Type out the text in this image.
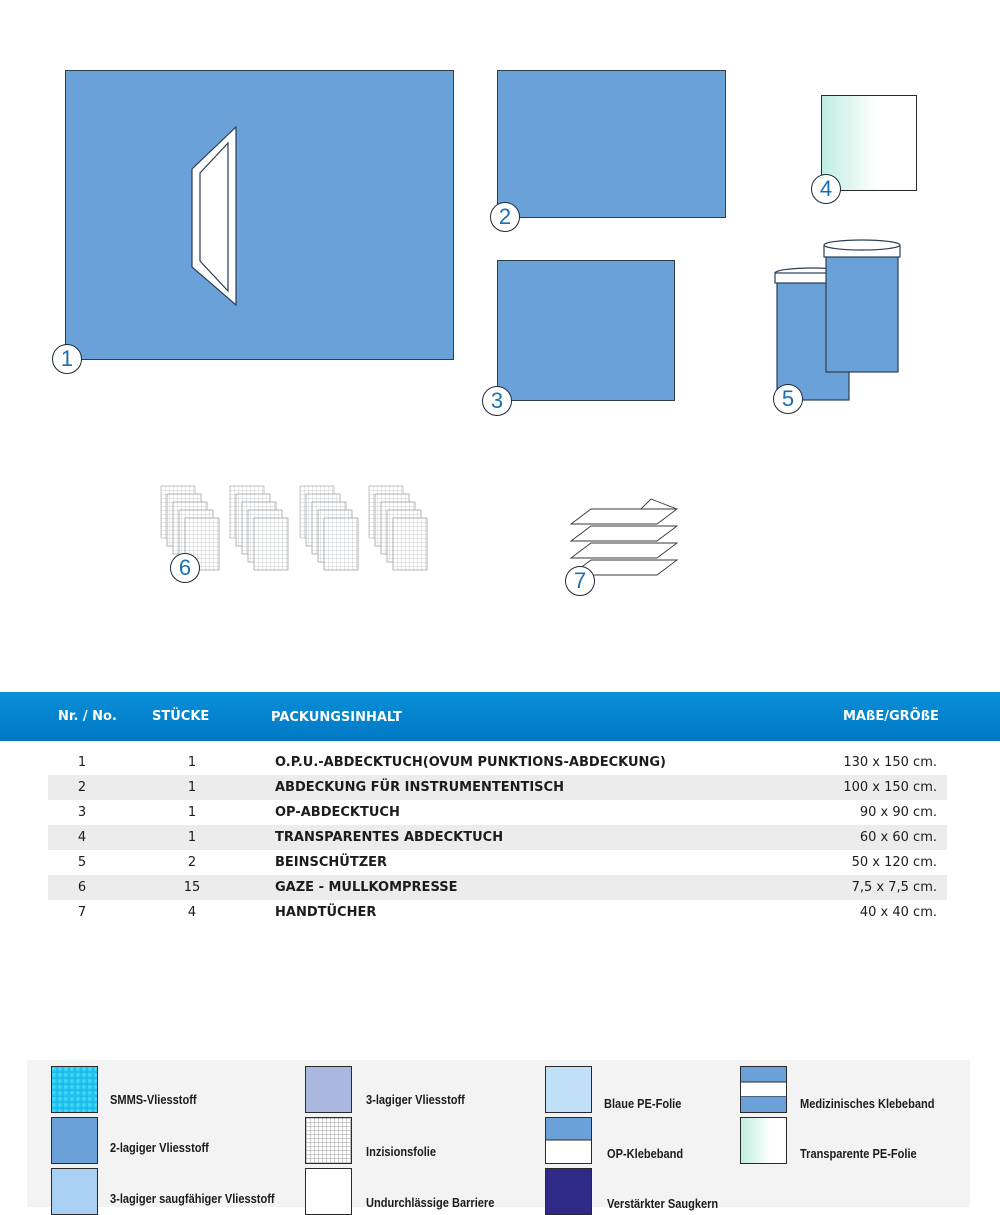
1
2
3
4
5
6
7
Nr. / No.	STÜCKE	PACKUNGSINHALT	MAßE/GRÖßE
1	1	O.P.U.-ABDECKTUCH(OVUM PUNKTIONS-ABDECKUNG)	130 x 150 cm.
2	1	ABDECKUNG FÜR INSTRUMENTENTISCH	100 x 150 cm.
3	1	OP-ABDECKTUCH	90 x 90 cm.
4	1	TRANSPARENTES ABDECKTUCH	60 x 60 cm.
5	2	BEINSCHÜTZER	50 x 120 cm.
6	15	GAZE - MULLKOMPRESSE	7,5 x 7,5 cm.
7	4	HANDTÜCHER	40 x 40 cm.
SMMS-Vliesstoff
2-lagiger Vliesstoff
3-lagiger saugfähiger Vliesstoff
3-lagiger Vliesstoff
Inzisionsfolie
Undurchlässige Barriere
Blaue PE-Folie
OP-Klebeband
Verstärkter Saugkern
Medizinisches Klebeband
Transparente PE-Folie
